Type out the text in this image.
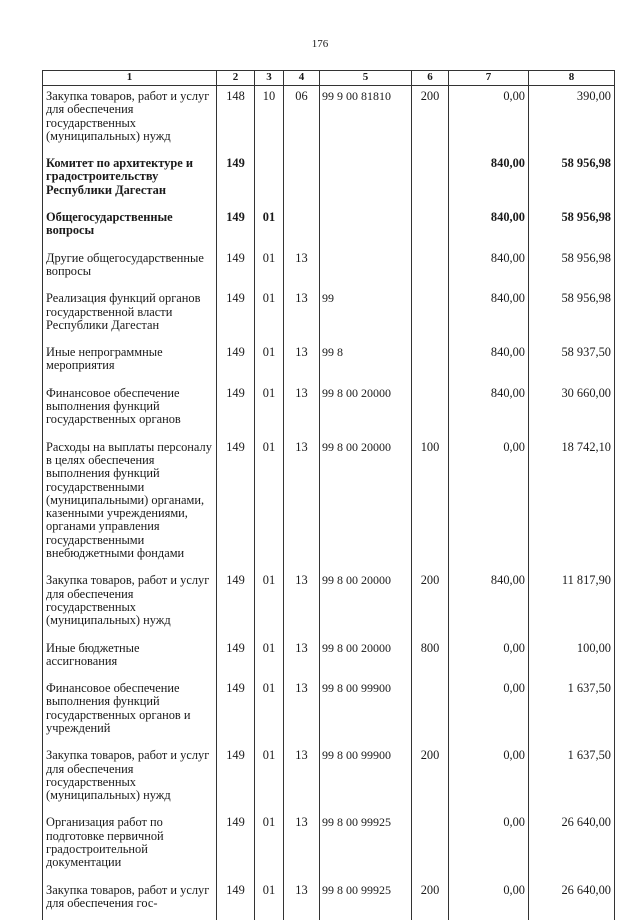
176
1	2	3	4	5	6	7	8
Закупка товаров, работ и услуг для обеспечения государственных (муниципальных) нужд	148	10	06	99 9 00 81810	200	0,00	390,00
Комитет по архитектуре и градостроительству Республики Дагестан	149					840,00	58 956,98
Общегосударственные вопросы	149	01				840,00	58 956,98
Другие общегосударственные вопросы	149	01	13			840,00	58 956,98
Реализация функций органов государственной власти Республики Дагестан	149	01	13	99		840,00	58 956,98
Иные непрограммные мероприятия	149	01	13	99 8		840,00	58 937,50
Финансовое обеспечение выполнения функций государственных органов	149	01	13	99 8 00 20000		840,00	30 660,00
Расходы на выплаты персоналу в целях обеспечения выполнения функций государственными (муниципальными) органами, казенными учреждениями, органами управления государственными внебюджетными фондами	149	01	13	99 8 00 20000	100	0,00	18 742,10
Закупка товаров, работ и услуг для обеспечения государственных (муниципальных) нужд	149	01	13	99 8 00 20000	200	840,00	11 817,90
Иные бюджетные ассигнования	149	01	13	99 8 00 20000	800	0,00	100,00
Финансовое обеспечение выполнения функций государственных органов и учреждений	149	01	13	99 8 00 99900		0,00	1 637,50
Закупка товаров, работ и услуг для обеспечения государственных (муниципальных) нужд	149	01	13	99 8 00 99900	200	0,00	1 637,50
Организация работ по подготовке первичной градостроительной документации	149	01	13	99 8 00 99925		0,00	26 640,00
Закупка товаров, работ и услуг для обеспечения гос-	149	01	13	99 8 00 99925	200	0,00	26 640,00
